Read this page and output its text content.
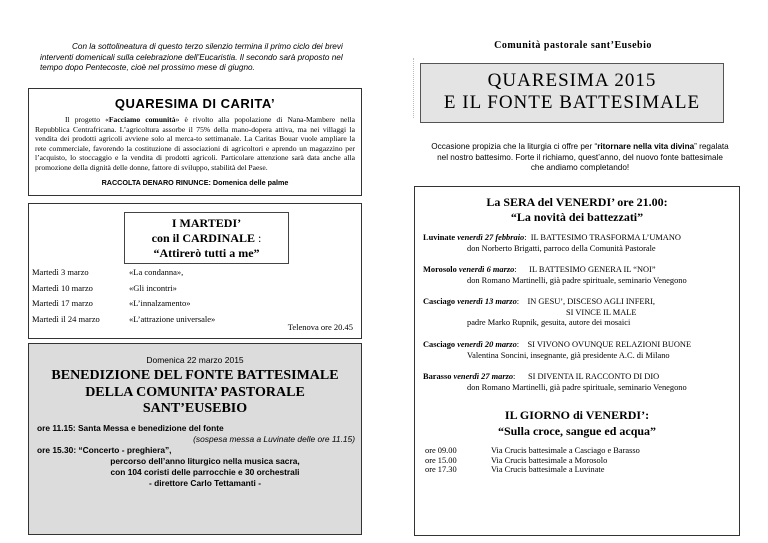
Con la sottolineatura di questo terzo silenzio termina il primo ciclo dei brevi interventi domenicali sulla celebrazione dell’Eucaristia. Il secondo sarà proposto nel tempo dopo Pentecoste, cioè nel prossimo mese di giugno.

QUARESIMA DI CARITA’

Il progetto «Facciamo comunità» è rivolto alla popolazione di Nana-Mambere nella Repubblica Centrafricana. L’agricoltura assorbe il 75% della mano-dopera attiva, ma nei villaggi la vendita dei prodotti agricoli avviene solo al merca-to settimanale. La Caritas Bouar vuole ampliare la rete commerciale, favorendo la costituzione di associazioni di agricoltori e aprendo un magazzino per l’acquisto, lo stoccaggio e la vendita di prodotti agricoli. Particolare attenzione sarà data anche alla promozione della dignità delle donne, fattore di sviluppo, stabilità del Paese.

RACCOLTA DENARO RINUNCE: Domenica delle palme
I MARTEDI’
con il CARDINALE :
“Attirerò tutti a me”
Martedì 3 marzo	«La condanna»,
Martedì 10 marzo	«Gli incontri»
Martedì 17 marzo	«L’innalzamento»
Martedì il 24 marzo	«L’attrazione universale»
Telenova ore 20.45
Domenica 22 marzo 2015
BENEDIZIONE DEL FONTE BATTESIMALE
DELLA COMUNITA’ PASTORALE
SANT’EUSEBIO
ore 11.15: Santa Messa e benedizione del fonte
(sospesa messa a Luvinate delle ore 11.15)
ore 15.30: “Concerto - preghiera”,
percorso dell’anno liturgico nella musica sacra,
con 104 coristi delle parrocchie e 30 orchestrali
- direttore Carlo Tettamanti -
Comunità pastorale sant’Eusebio
QUARESIMA 2015
E IL FONTE BATTESIMALE
Occasione propizia che la liturgia ci offre per “ritornare nella vita divina” regalata nel nostro battesimo. Forte il richiamo, quest’anno, del nuovo fonte battesimale che andiamo completando!
La SERA del VENERDI’ ore 21.00:
“La novità dei battezzati”
Luvinate venerdì 27 febbraio:  IL BATTESIMO TRASFORMA L’UMANO
don Norberto Brigatti, parroco della Comunità Pastorale
Morosolo venerdì 6 marzo:      IL BATTESIMO GENERA IL “NOI”
don Romano Martinelli, già padre spirituale, seminario Venegono
Casciago venerdì 13 marzo:    IN GESU’, DISCESO AGLI INFERI,
SI VINCE IL MALE
padre Marko Rupnik, gesuita, autore dei mosaici
Casciago venerdì 20 marzo:    SI VIVONO OVUNQUE RELAZIONI BUONE
Valentina Soncini, insegnante, già presidente A.C. di Milano
Barasso venerdì 27 marzo:      SI DIVENTA IL RACCONTO DI DIO
don Romano Martinelli, già padre spirituale, seminario Venegono
IL GIORNO di VENERDI’:
“Sulla croce, sangue ed acqua”
ore 09.00	Via Crucis battesimale a Casciago e Barasso
ore 15.00	Via Crucis battesimale a Morosolo
ore 17.30	Via Crucis battesimale a Luvinate
